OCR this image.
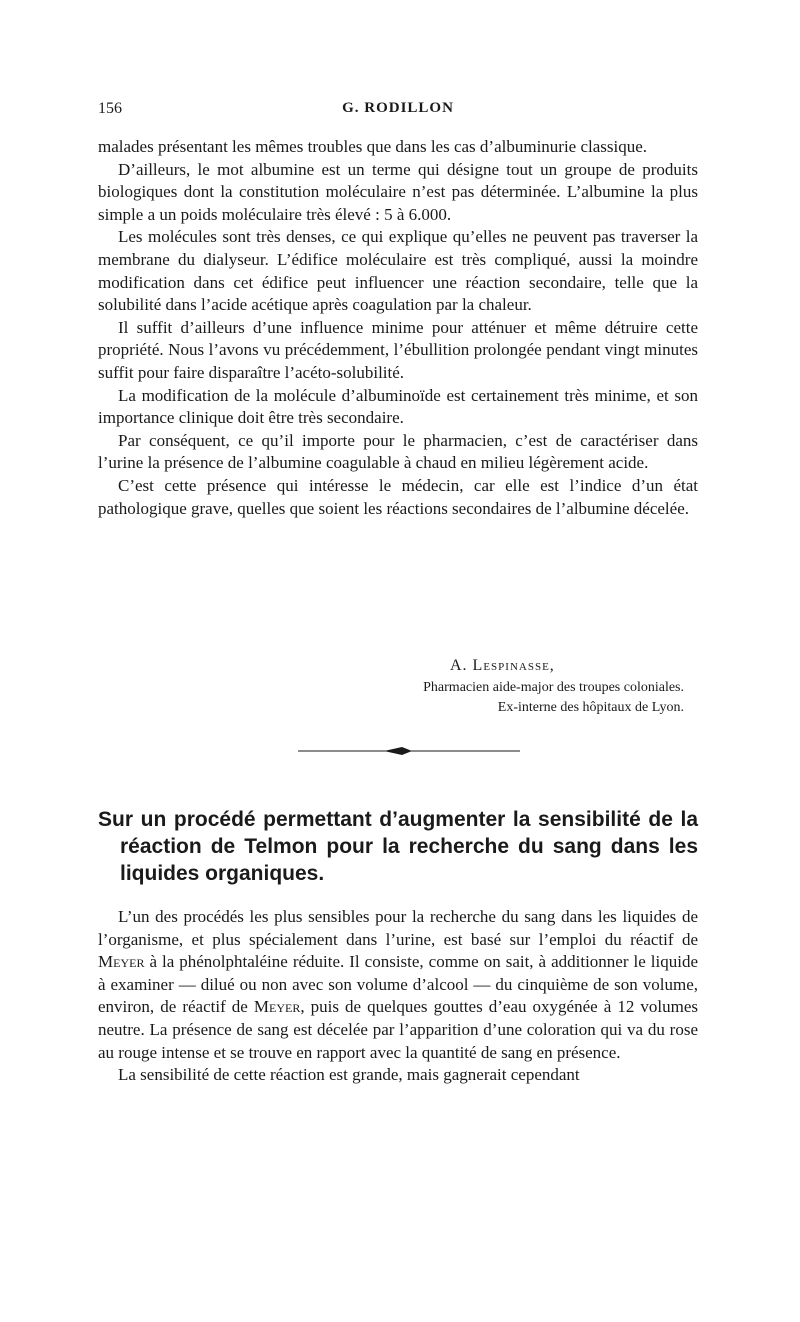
156	G. RODILLON

malades présentant les mêmes troubles que dans les cas d’albuminurie classique.

D’ailleurs, le mot albumine est un terme qui désigne tout un groupe de produits biologiques dont la constitution moléculaire n’est pas déterminée. L’albumine la plus simple a un poids moléculaire très élevé : 5 à 6.000.

Les molécules sont très denses, ce qui explique qu’elles ne peuvent pas traverser la membrane du dialyseur. L’édifice moléculaire est très compliqué, aussi la moindre modification dans cet édifice peut influencer une réaction secondaire, telle que la solubilité dans l’acide acétique après coagulation par la chaleur.

Il suffit d’ailleurs d’une influence minime pour atténuer et même détruire cette propriété. Nous l’avons vu précédemment, l’ébullition prolongée pendant vingt minutes suffit pour faire disparaître l’acéto-solubilité.

La modification de la molécule d’albuminoïde est certainement très minime, et son importance clinique doit être très secondaire.

Par conséquent, ce qu’il importe pour le pharmacien, c’est de caractériser dans l’urine la présence de l’albumine coagulable à chaud en milieu légèrement acide.

C’est cette présence qui intéresse le médecin, car elle est l’indice d’un état pathologique grave, quelles que soient les réactions secondaires de l’albumine décelée.

A. Lespinasse,
Pharmacien aide-major des troupes coloniales.
Ex-interne des hôpitaux de Lyon.
Sur un procédé permettant d’augmenter la sensibilité de la réaction de Telmon pour la recherche du sang dans les liquides organiques.

L’un des procédés les plus sensibles pour la recherche du sang dans les liquides de l’organisme, et plus spécialement dans l’urine, est basé sur l’emploi du réactif de Meyer à la phénolphtaléine réduite. Il consiste, comme on sait, à additionner le liquide à examiner — dilué ou non avec son volume d’alcool — du cinquième de son volume, environ, de réactif de Meyer, puis de quelques gouttes d’eau oxygénée à 12 volumes neutre. La présence de sang est décelée par l’apparition d’une coloration qui va du rose au rouge intense et se trouve en rapport avec la quantité de sang en présence.

La sensibilité de cette réaction est grande, mais gagnerait cependant
